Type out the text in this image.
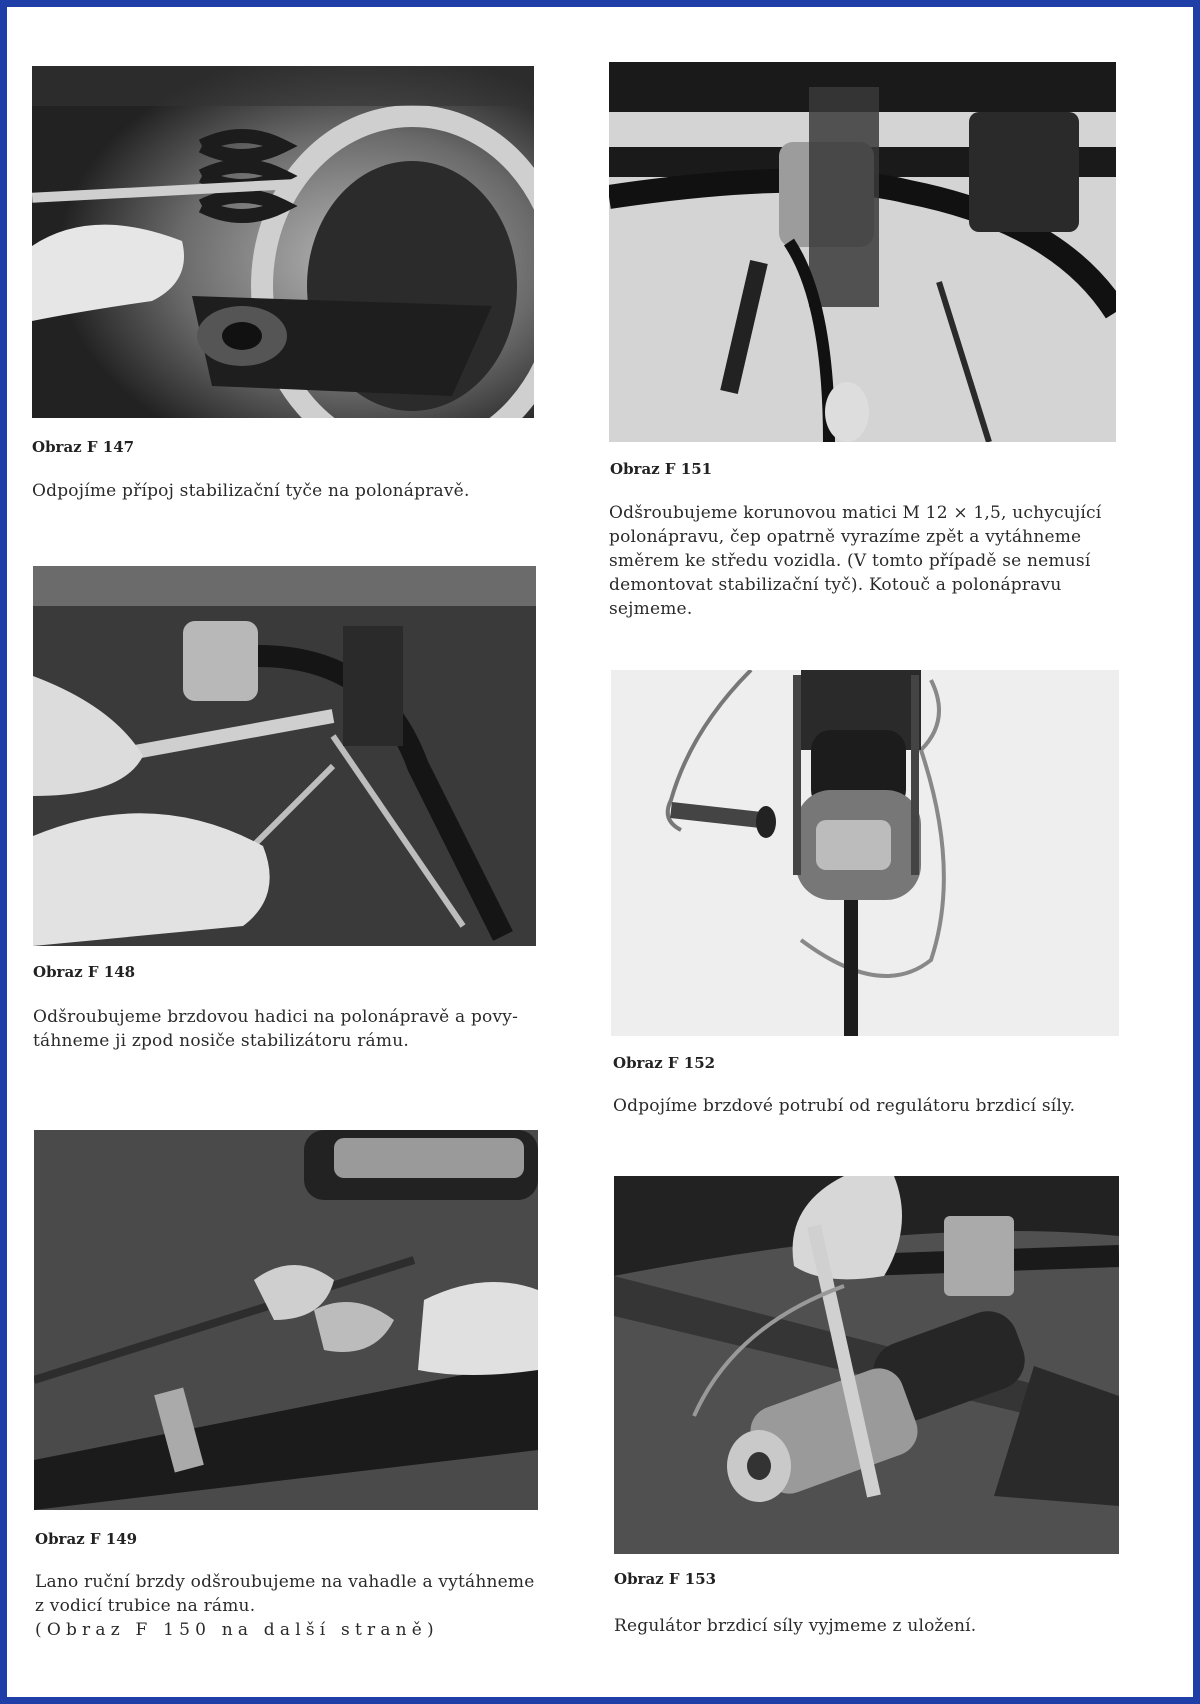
Obraz F 147
Odpojíme přípoj stabilizační tyče na polonápravě.
Obraz F 148
Odšroubujeme brzdovou hadici na polonápravě a povy-
táhneme ji zpod nosiče stabilizátoru rámu.
Obraz F 149
Lano ruční brzdy odšroubujeme na vahadle a vytáhneme
z vodicí trubice na rámu.
(Obraz F 150 na další straně)
Obraz F 151
Odšroubujeme korunovou matici M 12 × 1,5, uchycující
polonápravu, čep opatrně vyrazíme zpět a vytáhneme
směrem ke středu vozidla. (V tomto případě se nemusí
demontovat stabilizační tyč). Kotouč a polonápravu
sejmeme.
Obraz F 152
Odpojíme brzdové potrubí od regulátoru brzdicí síly.
Obraz F 153
Regulátor brzdicí síly vyjmeme z uložení.
